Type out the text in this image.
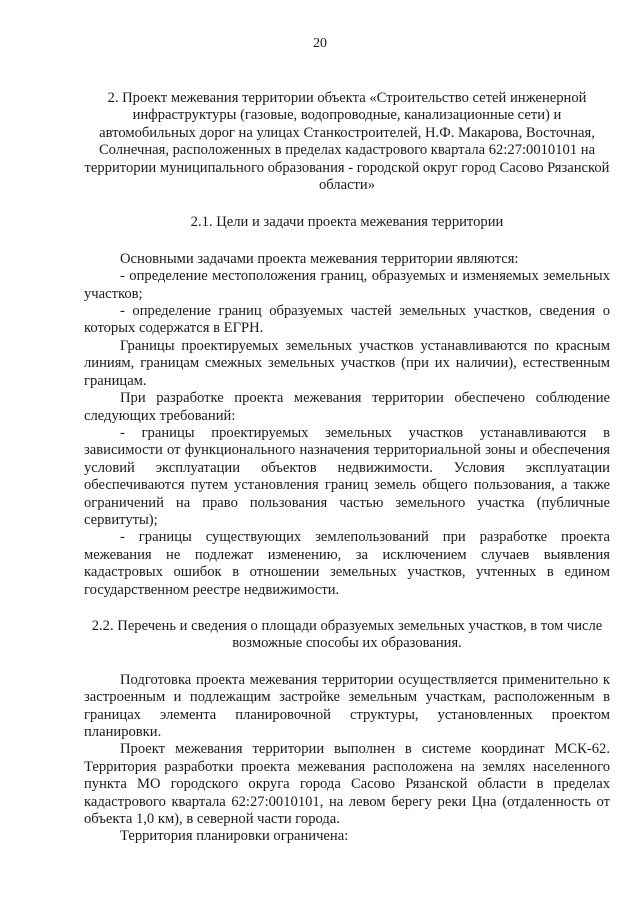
20

2. Проект межевания территории объекта «Строительство сетей инженерной инфраструктуры (газовые, водопроводные, канализационные сети) и автомобильных дорог на улицах Станкостроителей, Н.Ф. Макарова, Восточная, Солнечная, расположенных в пределах кадастрового квартала 62:27:0010101 на территории муниципального образования - городской округ город Сасово Рязанской области»

2.1. Цели и задачи проекта межевания территории

Основными задачами проекта межевания территории являются:

- определение местоположения границ, образуемых и изменяемых земельных участков;

- определение границ образуемых частей земельных участков, сведения о которых содержатся в ЕГРН.

Границы проектируемых земельных участков устанавливаются по красным линиям, границам смежных земельных участков (при их наличии), естественным границам.

При разработке проекта межевания территории обеспечено соблюдение следующих требований:

- границы проектируемых земельных участков устанавливаются в зависимости от функционального назначения территориальной зоны и обеспечения условий эксплуатации объектов недвижимости. Условия эксплуатации обеспечиваются путем установления границ земель общего пользования, а также ограничений на право пользования частью земельного участка (публичные сервитуты);

- границы существующих землепользований при разработке проекта межевания не подлежат изменению, за исключением случаев выявления кадастровых ошибок в отношении земельных участков, учтенных в едином государственном реестре недвижимости.

2.2. Перечень и сведения о площади образуемых земельных участков, в том числе возможные способы их образования.

Подготовка проекта межевания территории осуществляется применительно к застроенным и подлежащим застройке земельным участкам, расположенным в границах элемента планировочной структуры, установленных проектом планировки.

Проект межевания территории выполнен в системе координат МСК-62. Территория разработки проекта межевания расположена на землях населенного пункта МО городского округа города Сасово Рязанской области в пределах кадастрового квартала 62:27:0010101, на левом берегу реки Цна (отдаленность от объекта 1,0 км), в северной части города.

Территория планировки ограничена:
